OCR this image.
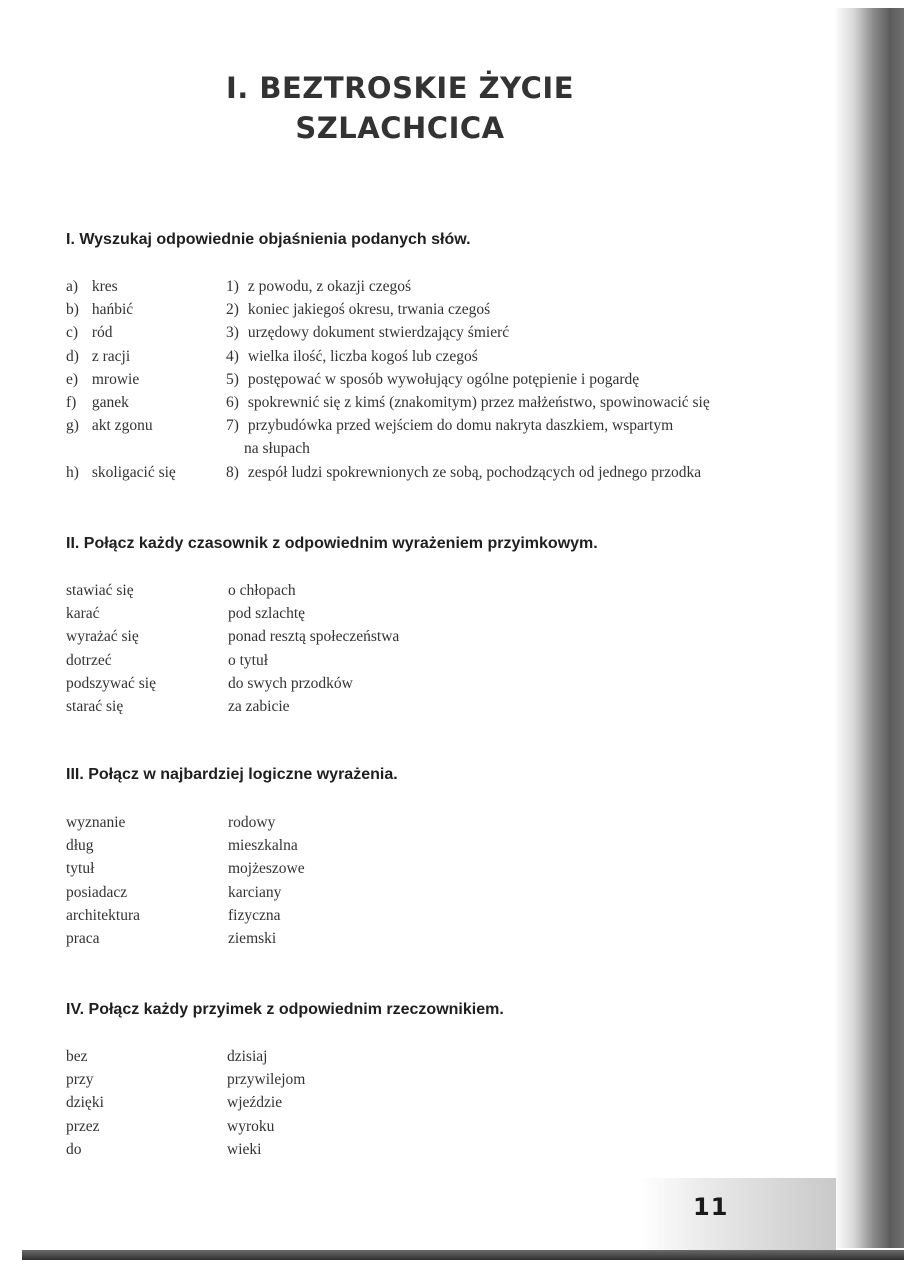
I. BEZTROSKIE ŻYCIE
SZLACHCICA
I. Wyszukaj odpowiednie objaśnienia podanych słów.
a) kres
b) hańbić
c) ród
d) z racji
e) mrowie
f) ganek
g) akt zgonu
h) skoligacić się
1) z powodu, z okazji czegoś
2) koniec jakiegoś okresu, trwania czegoś
3) urzędowy dokument stwierdzający śmierć
4) wielka ilość, liczba kogoś lub czegoś
5) postępować w sposób wywołujący ogólne potępienie i pogardę
6) spokrewnić się z kimś (znakomitym) przez małżeństwo, spowinowacić się
7) przybudówka przed wejściem do domu nakryta daszkiem, wspartym
na słupach
8) zespół ludzi spokrewnionych ze sobą, pochodzących od jednego przodka
II. Połącz każdy czasownik z odpowiednim wyrażeniem przyimkowym.
stawiać się
karać
wyrażać się
dotrzeć
podszywać się
starać się
o chłopach
pod szlachtę
ponad resztą społeczeństwa
o tytuł
do swych przodków
za zabicie
III. Połącz w najbardziej logiczne wyrażenia.
wyznanie
dług
tytuł
posiadacz
architektura
praca
rodowy
mieszkalna
mojżeszowe
karciany
fizyczna
ziemski
IV. Połącz każdy przyimek z odpowiednim rzeczownikiem.
bez
przy
dzięki
przez
do
dzisiaj
przywilejom
wjeździe
wyroku
wieki
11
